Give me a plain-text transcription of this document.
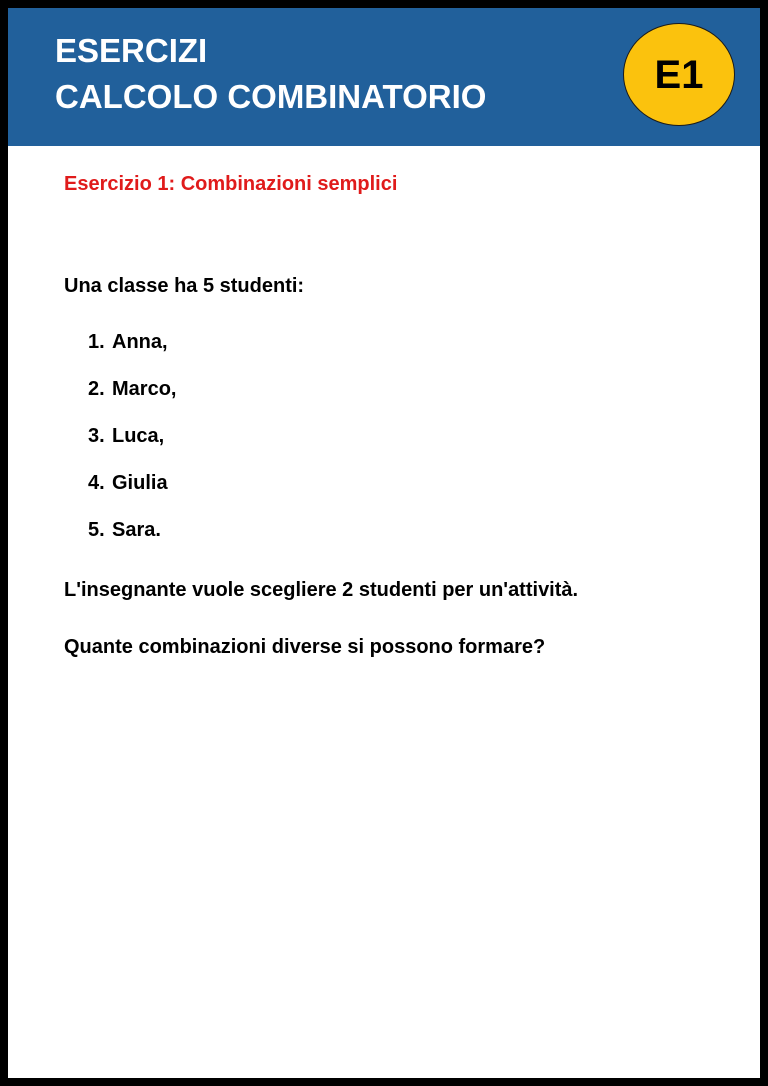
ESERCIZI
CALCOLO COMBINATORIO	E1
Esercizio 1: Combinazioni semplici
Una classe ha 5 studenti:
1. Anna,
2. Marco,
3. Luca,
4. Giulia
5. Sara.
L'insegnante vuole scegliere 2 studenti per un'attività.
Quante combinazioni diverse si possono formare?
